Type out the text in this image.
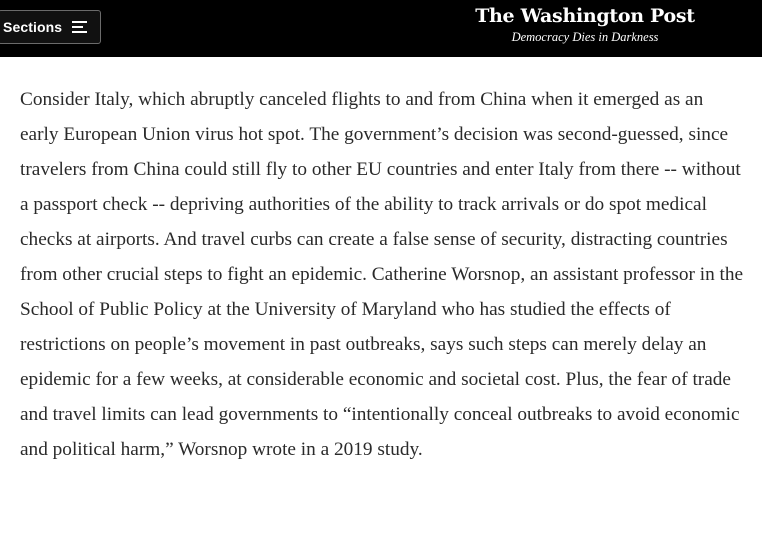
Sections	The Washington Post
Democracy Dies in Darkness

Consider Italy, which abruptly canceled flights to and from China when it emerged as an early European Union virus hot spot. The government’s decision was second-guessed, since travelers from China could still fly to other EU countries and enter Italy from there -- without a passport check -- depriving authorities of the ability to track arrivals or do spot medical checks at airports. And travel curbs can create a false sense of security, distracting countries from other crucial steps to fight an epidemic. Catherine Worsnop, an assistant professor in the School of Public Policy at the University of Maryland who has studied the effects of restrictions on people’s movement in past outbreaks, says such steps can merely delay an epidemic for a few weeks, at considerable economic and societal cost. Plus, the fear of trade and travel limits can lead governments to “intentionally conceal outbreaks to avoid economic and political harm,” Worsnop wrote in a 2019 study.
